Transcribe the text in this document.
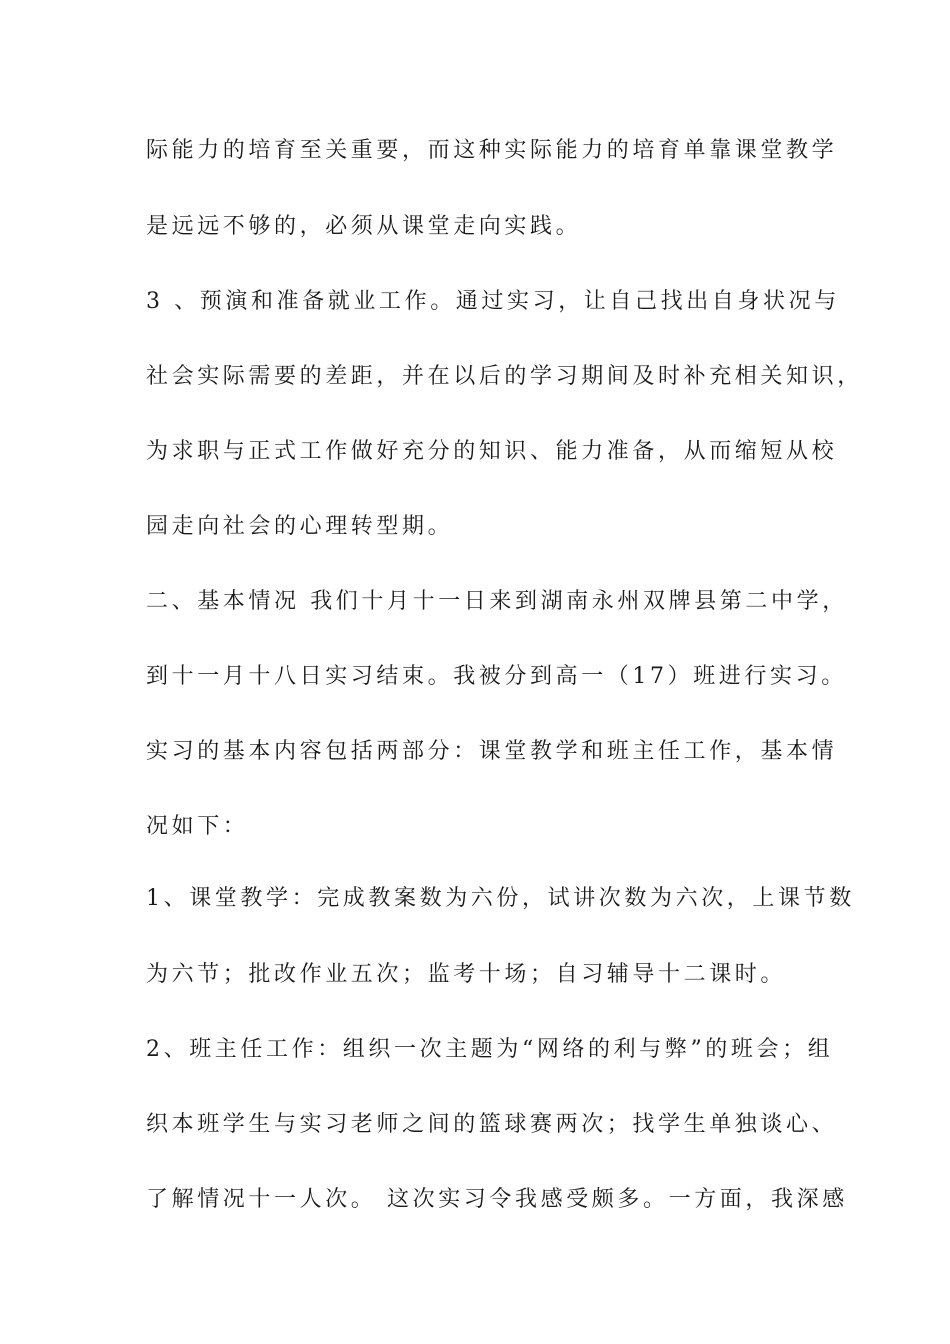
际能力的培育至关重要，而这种实际能力的培育单靠课堂教学
是远远不够的，必须从课堂走向实践。
3 、预演和准备就业工作。通过实习，让自己找出自身状况与
社会实际需要的差距，并在以后的学习期间及时补充相关知识，
为求职与正式工作做好充分的知识、能力准备，从而缩短从校
园走向社会的心理转型期。
二、基本情况 我们十月十一日来到湖南永州双牌县第二中学，
到十一月十八日实习结束。我被分到高一（17）班进行实习。
实习的基本内容包括两部分：课堂教学和班主任工作，基本情
况如下：
1、课堂教学：完成教案数为六份，试讲次数为六次，上课节数
为六节；批改作业五次；监考十场；自习辅导十二课时。
2、班主任工作：组织一次主题为“网络的利与弊”的班会；组
织本班学生与实习老师之间的篮球赛两次；找学生单独谈心、
了解情况十一人次。 这次实习令我感受颇多。一方面，我深感
